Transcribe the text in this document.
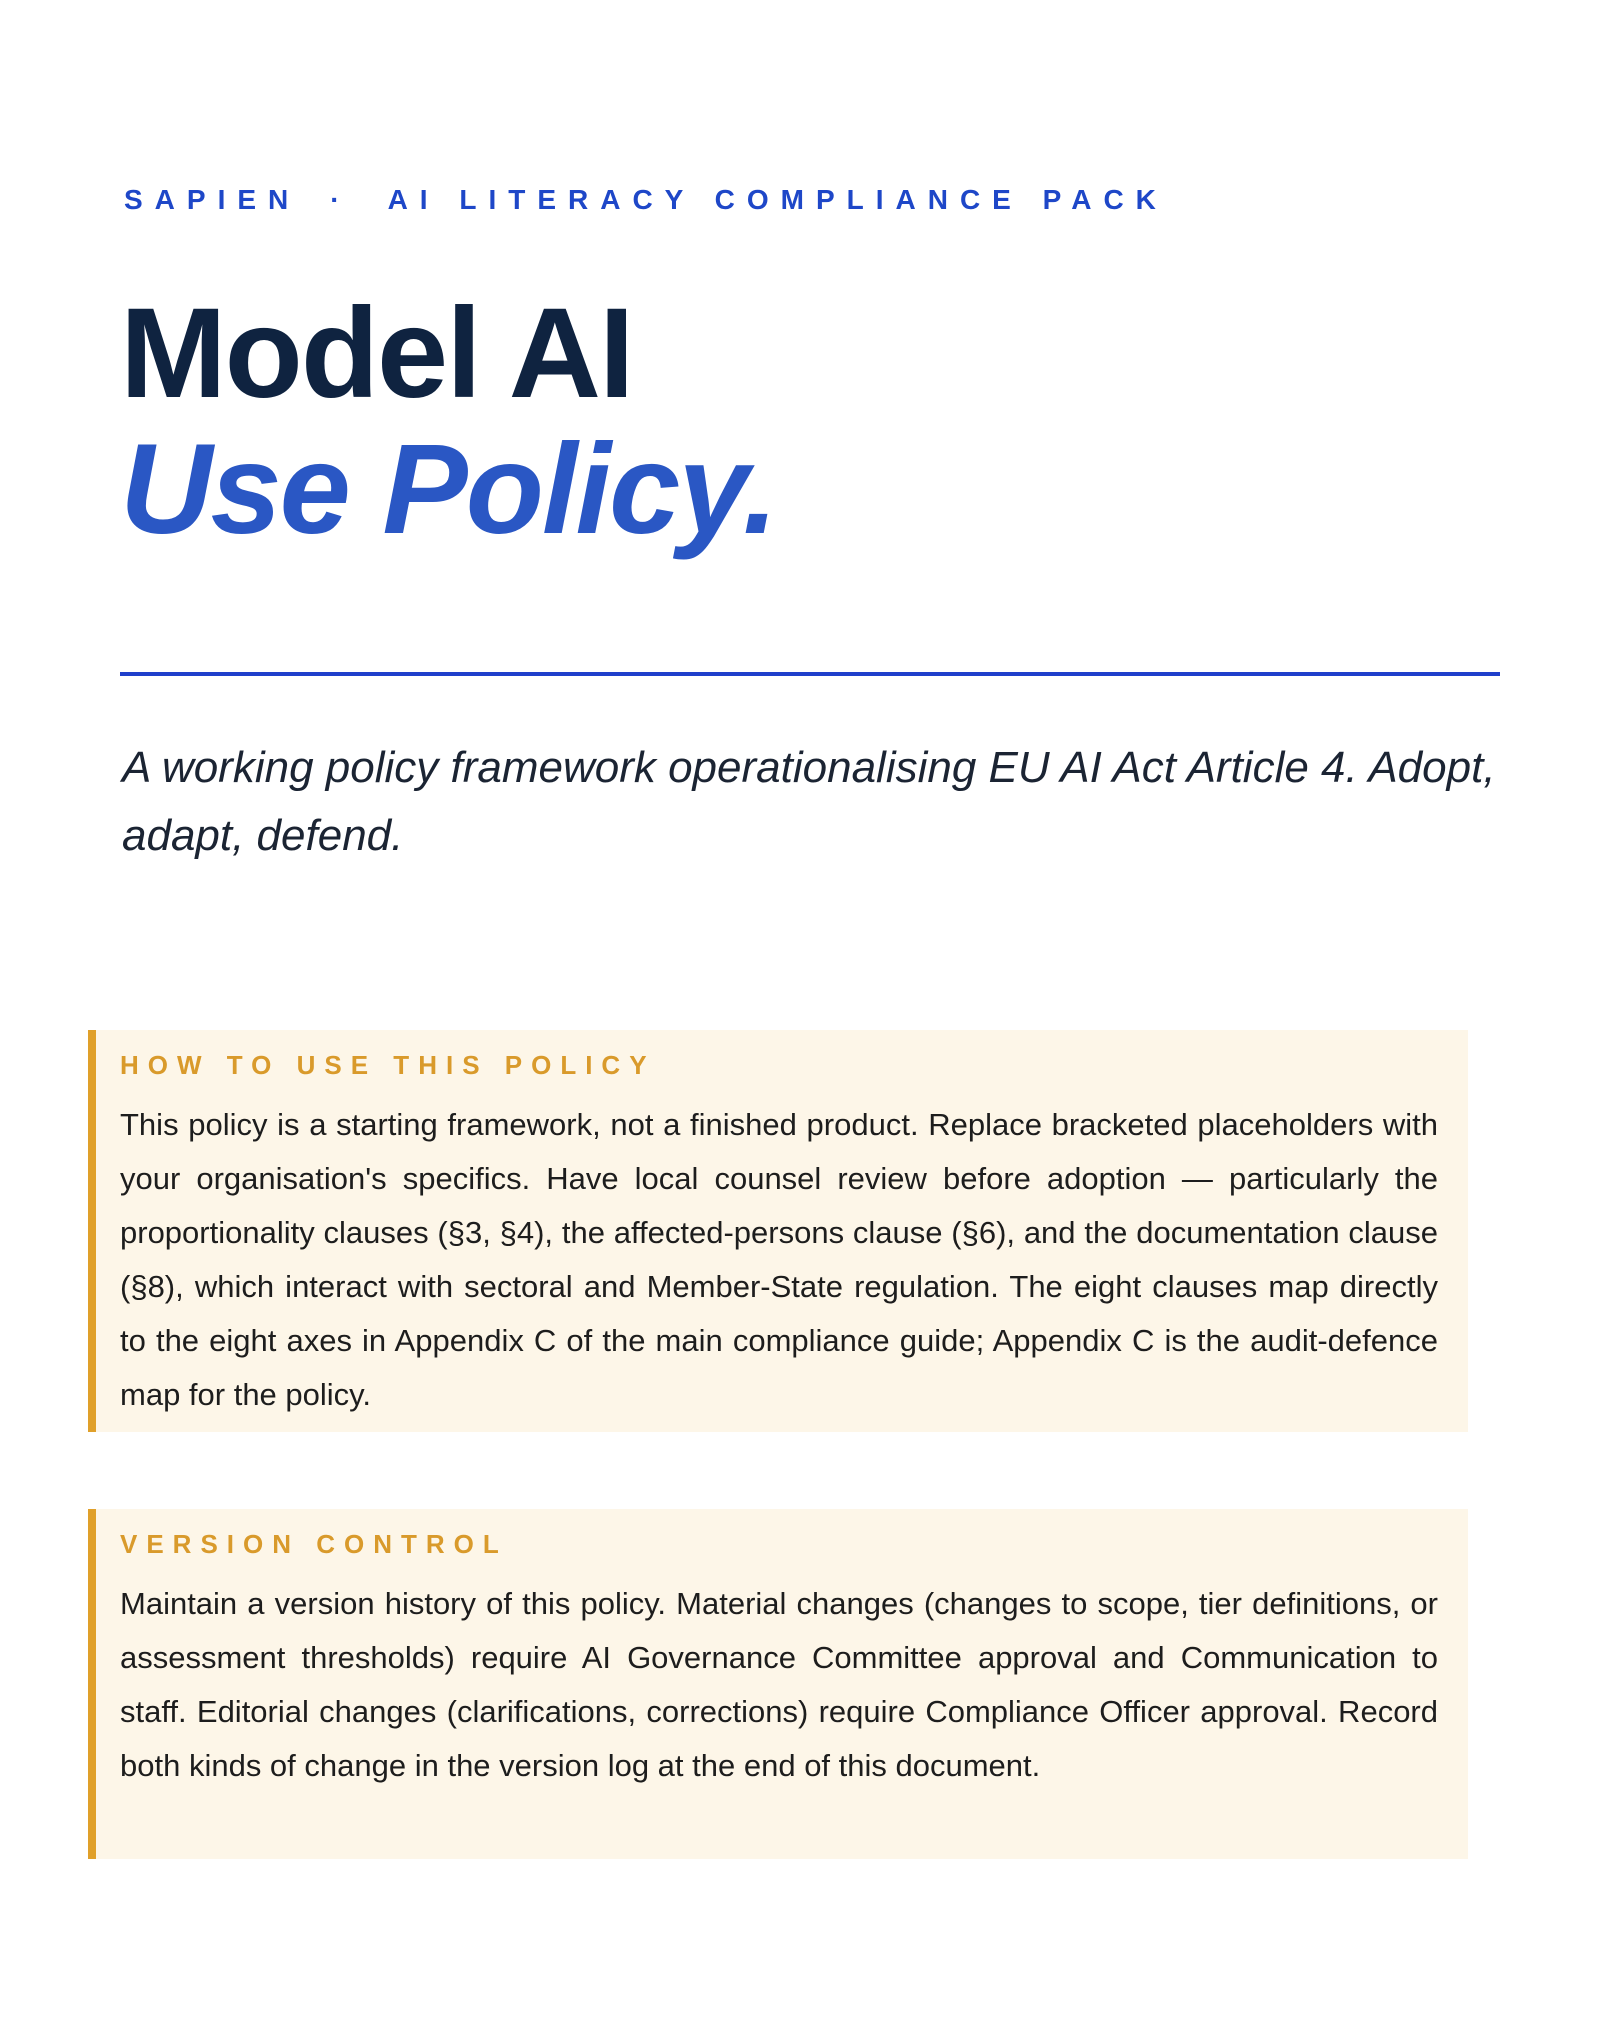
SAPIEN · AI LITERACY COMPLIANCE PACK
Model AI
Use Policy.
A working policy framework operationalising EU AI Act Article 4. Adopt, adapt, defend.
HOW TO USE THIS POLICY
This policy is a starting framework, not a finished product. Replace bracketed placeholders with your organisation's specifics. Have local counsel review before adoption — particularly the proportionality clauses (§3, §4), the affected-persons clause (§6), and the documentation clause (§8), which interact with sectoral and Member-State regulation. The eight clauses map directly to the eight axes in Appendix C of the main compliance guide; Appendix C is the audit-defence map for the policy.
VERSION CONTROL
Maintain a version history of this policy. Material changes (changes to scope, tier definitions, or assessment thresholds) require AI Governance Committee approval and Communication to staff. Editorial changes (clarifications, corrections) require Compliance Officer approval. Record both kinds of change in the version log at the end of this document.
